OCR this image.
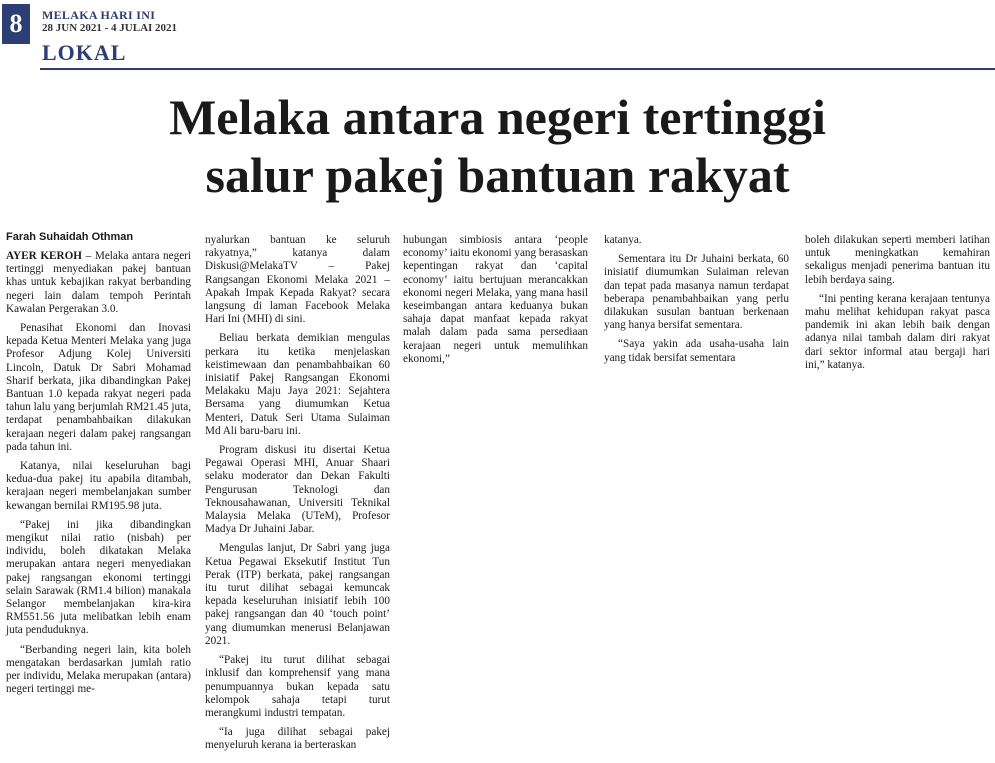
8	MELAKA HARI INI
28 JUN 2021 - 4 JULAI 2021
LOKAL
Melaka antara negeri tertinggi
salur pakej bantuan rakyat
Farah Suhaidah Othman

AYER KEROH – Melaka antara negeri tertinggi menyediakan pakej bantuan khas untuk kebajikan rakyat berbanding negeri lain dalam tempoh Perintah Kawalan Pergerakan 3.0.

Penasihat Ekonomi dan Inovasi kepada Ketua Menteri Melaka yang juga Profesor Adjung Kolej Universiti Lincoln, Datuk Dr Sabri Mohamad Sharif berkata, jika dibandingkan Pakej Bantuan 1.0 kepada rakyat negeri pada tahun lalu yang berjumlah RM21.45 juta, terdapat penambahbaikan dilakukan kerajaan negeri dalam pakej rangsangan pada tahun ini.

Katanya, nilai keseluruhan bagi kedua-dua pakej itu apabila ditambah, kerajaan negeri membelanjakan sumber kewangan bernilai RM195.98 juta.

“Pakej ini jika dibandingkan mengikut nilai ratio (nisbah) per individu, boleh dikatakan Melaka merupakan antara negeri menyediakan pakej rangsangan ekonomi tertinggi selain Sarawak (RM1.4 bilion) manakala Selangor membelanjakan kira-kira RM551.56 juta melibatkan lebih enam juta penduduknya.

“Berbanding negeri lain, kita boleh mengatakan berdasarkan jumlah ratio per individu, Melaka merupakan (antara) negeri tertinggi me-

nyalurkan bantuan ke seluruh rakyatnya,” katanya dalam Diskusi@MelakaTV – Pakej Rangsangan Ekonomi Melaka 2021 – Apakah Impak Kepada Rakyat? secara langsung di laman Facebook Melaka Hari Ini (MHI) di sini.

Beliau berkata demikian mengulas perkara itu ketika menjelaskan keistimewaan dan penambahbaikan 60 inisiatif Pakej Rangsangan Ekonomi Melakaku Maju Jaya 2021: Sejahtera Bersama yang diumumkan Ketua Menteri, Datuk Seri Utama Sulaiman Md Ali baru-baru ini.

Program diskusi itu disertai Ketua Pegawai Operasi MHI, Anuar Shaari selaku moderator dan Dekan Fakulti Pengurusan Teknologi dan Teknousahawanan, Universiti Teknikal Malaysia Melaka (UTeM), Profesor Madya Dr Juhaini Jabar.

Mengulas lanjut, Dr Sabri yang juga Ketua Pegawai Eksekutif Institut Tun Perak (ITP) berkata, pakej rangsangan itu turut dilihat sebagai kemuncak kepada keseluruhan inisiatif lebih 100 pakej rangsangan dan 40 ‘touch point’ yang diumumkan menerusi Belanjawan 2021.

“Pakej itu turut dilihat sebagai inklusif dan komprehensif yang mana penumpuannya bukan kepada satu kelompok sahaja tetapi turut merangkumi industri tempatan.

“Ia juga dilihat sebagai pakej menyeluruh kerana ia berteraskan

hubungan simbiosis antara ‘people economy’ iaitu ekonomi yang berasaskan kepentingan rakyat dan ‘capital economy’ iaitu bertujuan merancakkan ekonomi negeri Melaka, yang mana hasil keseimbangan antara keduanya bukan sahaja dapat manfaat kepada rakyat malah dalam pada sama persediaan kerajaan negeri untuk memulihkan ekonomi,”

katanya.

Sementara itu Dr Juhaini berkata, 60 inisiatif diumumkan Sulaiman relevan dan tepat pada masanya namun terdapat beberapa penambahbaikan yang perlu dilakukan susulan bantuan berkenaan yang hanya bersifat sementara.

“Saya yakin ada usaha-usaha lain yang tidak bersifat sementara

boleh dilakukan seperti memberi latihan untuk meningkatkan kemahiran sekaligus menjadi penerima bantuan itu lebih berdaya saing.

“Ini penting kerana kerajaan tentunya mahu melihat kehidupan rakyat pasca pandemik ini akan lebih baik dengan adanya nilai tambah dalam diri rakyat dari sektor informal atau bergaji hari ini,” katanya.
